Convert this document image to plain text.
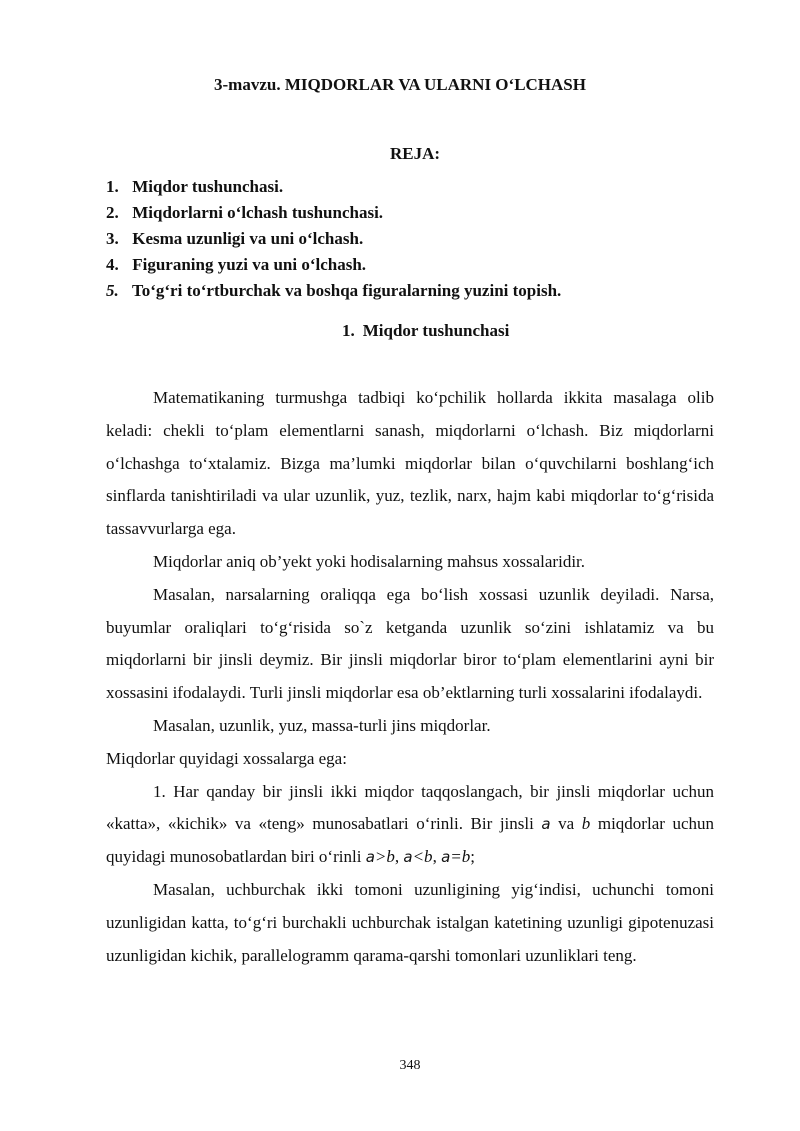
3-mavzu. MIQDORLAR VA ULARNI O‘LCHASH
REJA:
1. Miqdor tushunchasi.
2. Miqdorlarni o‘lchash tushunchasi.
3. Kesma uzunligi va uni o‘lchash.
4. Figuraning yuzi va uni o‘lchash.
5. To‘g‘ri to‘rtburchak va boshqa figuralarning yuzini topish.
1. Miqdor tushunchasi

Matematikaning turmushga tadbiqi ko‘pchilik hollarda ikkita masalaga olib keladi: chekli to‘plam elementlarni sanash, miqdorlarni o‘lchash. Biz miqdorlarni o‘lchashga to‘xtalamiz. Bizga ma’lumki miqdorlar bilan o‘quvchilarni boshlang‘ich sinflarda tanishtiriladi va ular uzunlik, yuz, tezlik, narx, hajm kabi miqdorlar to‘g‘risida tassavvurlarga ega.

Miqdorlar aniq ob’yekt yoki hodisalarning mahsus xossalaridir.

Masalan, narsalarning oraliqqa ega bo‘lish xossasi uzunlik deyiladi. Narsa, buyumlar oraliqlari to‘g‘risida so`z ketganda uzunlik so‘zini ishlatamiz va bu miqdorlarni bir jinsli deymiz. Bir jinsli miqdorlar biror to‘plam elementlarini ayni bir xossasini ifodalaydi. Turli jinsli miqdorlar esa ob’ektlarning turli xossalarini ifodalaydi.

Masalan, uzunlik, yuz, massa-turli jins miqdorlar.

Miqdorlar quyidagi xossalarga ega:

1. Har qanday bir jinsli ikki miqdor taqqoslangach, bir jinsli miqdorlar uchun «katta», «kichik» va «teng» munosabatlari o‘rinli. Bir jinsli a va b miqdorlar uchun quyidagi munosobatlardan biri o‘rinli a>b, a<b, a=b;

Masalan, uchburchak ikki tomoni uzunligining yig‘indisi, uchunchi tomoni uzunligidan katta, to‘g‘ri burchakli uchburchak istalgan katetining uzunligi gipotenuzasi uzunligidan kichik, parallelogramm qarama-qarshi tomonlari uzunliklari teng.

348
